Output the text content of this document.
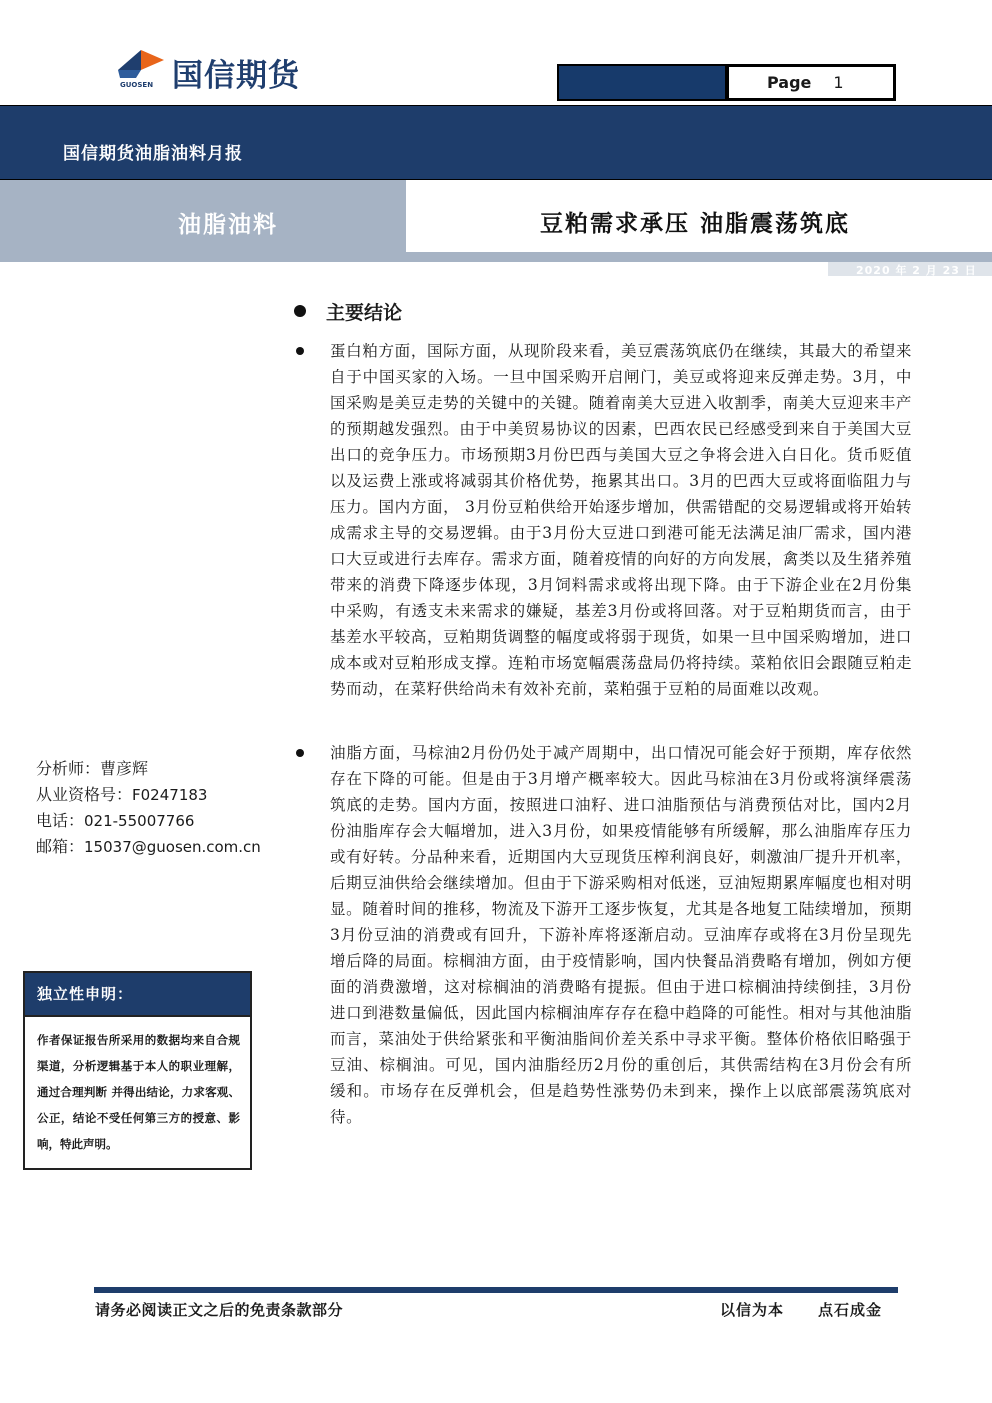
GUOSEN 国信期货	Page 1
国信期货油脂油料月报
油脂油料	豆粕需求承压 油脂震荡筑底
2020 年 2 月 23 日
主要结论

蛋白粕方面，国际方面，从现阶段来看，美豆震荡筑底仍在继续，其最大的希望来自于中国买家的入场。一旦中国采购开启闸门，美豆或将迎来反弹走势。3月，中国采购是美豆走势的关键中的关键。随着南美大豆进入收割季，南美大豆迎来丰产的预期越发强烈。由于中美贸易协议的因素，巴西农民已经感受到来自于美国大豆出口的竞争压力。市场预期3月份巴西与美国大豆之争将会进入白日化。货币贬值以及运费上涨或将减弱其价格优势，拖累其出口。3月的巴西大豆或将面临阻力与压力。国内方面， 3月份豆粕供给开始逐步增加，供需错配的交易逻辑或将开始转成需求主导的交易逻辑。由于3月份大豆进口到港可能无法满足油厂需求，国内港口大豆或进行去库存。需求方面，随着疫情的向好的方向发展，禽类以及生猪养殖带来的消费下降逐步体现，3月饲料需求或将出现下降。由于下游企业在2月份集中采购，有透支未来需求的嫌疑，基差3月份或将回落。对于豆粕期货而言，由于基差水平较高，豆粕期货调整的幅度或将弱于现货，如果一旦中国采购增加，进口成本或对豆粕形成支撑。连粕市场宽幅震荡盘局仍将持续。菜粕依旧会跟随豆粕走势而动，在菜籽供给尚未有效补充前，菜粕强于豆粕的局面难以改观。

油脂方面，马棕油2月份仍处于减产周期中，出口情况可能会好于预期，库存依然存在下降的可能。但是由于3月增产概率较大。因此马棕油在3月份或将演绎震荡筑底的走势。国内方面，按照进口油籽、进口油脂预估与消费预估对比，国内2月份油脂库存会大幅增加，进入3月份，如果疫情能够有所缓解，那么油脂库存压力或有好转。分品种来看，近期国内大豆现货压榨利润良好，刺激油厂提升开机率，后期豆油供给会继续增加。但由于下游采购相对低迷，豆油短期累库幅度也相对明显。随着时间的推移，物流及下游开工逐步恢复，尤其是各地复工陆续增加，预期3月份豆油的消费或有回升，下游补库将逐渐启动。豆油库存或将在3月份呈现先增后降的局面。棕榈油方面，由于疫情影响，国内快餐品消费略有增加，例如方便面的消费激增，这对棕榈油的消费略有提振。但由于进口棕榈油持续倒挂，3月份进口到港数量偏低，因此国内棕榈油库存存在稳中趋降的可能性。相对与其他油脂而言，菜油处于供给紧张和平衡油脂间价差关系中寻求平衡。整体价格依旧略强于豆油、棕榈油。可见，国内油脂经历2月份的重创后，其供需结构在3月份会有所缓和。市场存在反弹机会，但是趋势性涨势仍未到来，操作上以底部震荡筑底对待。

分析师：曹彦辉
从业资格号：F0247183
电话：021-55007766
邮箱：15037@guosen.com.cn
独立性申明：
作者保证报告所采用的数据均来自合规渠道，分析逻辑基于本人的职业理解，通过合理判断 并得出结论，力求客观、公正，结论不受任何第三方的授意、影响，特此声明。
请务必阅读正文之后的免责条款部分	以信为本 点石成金
